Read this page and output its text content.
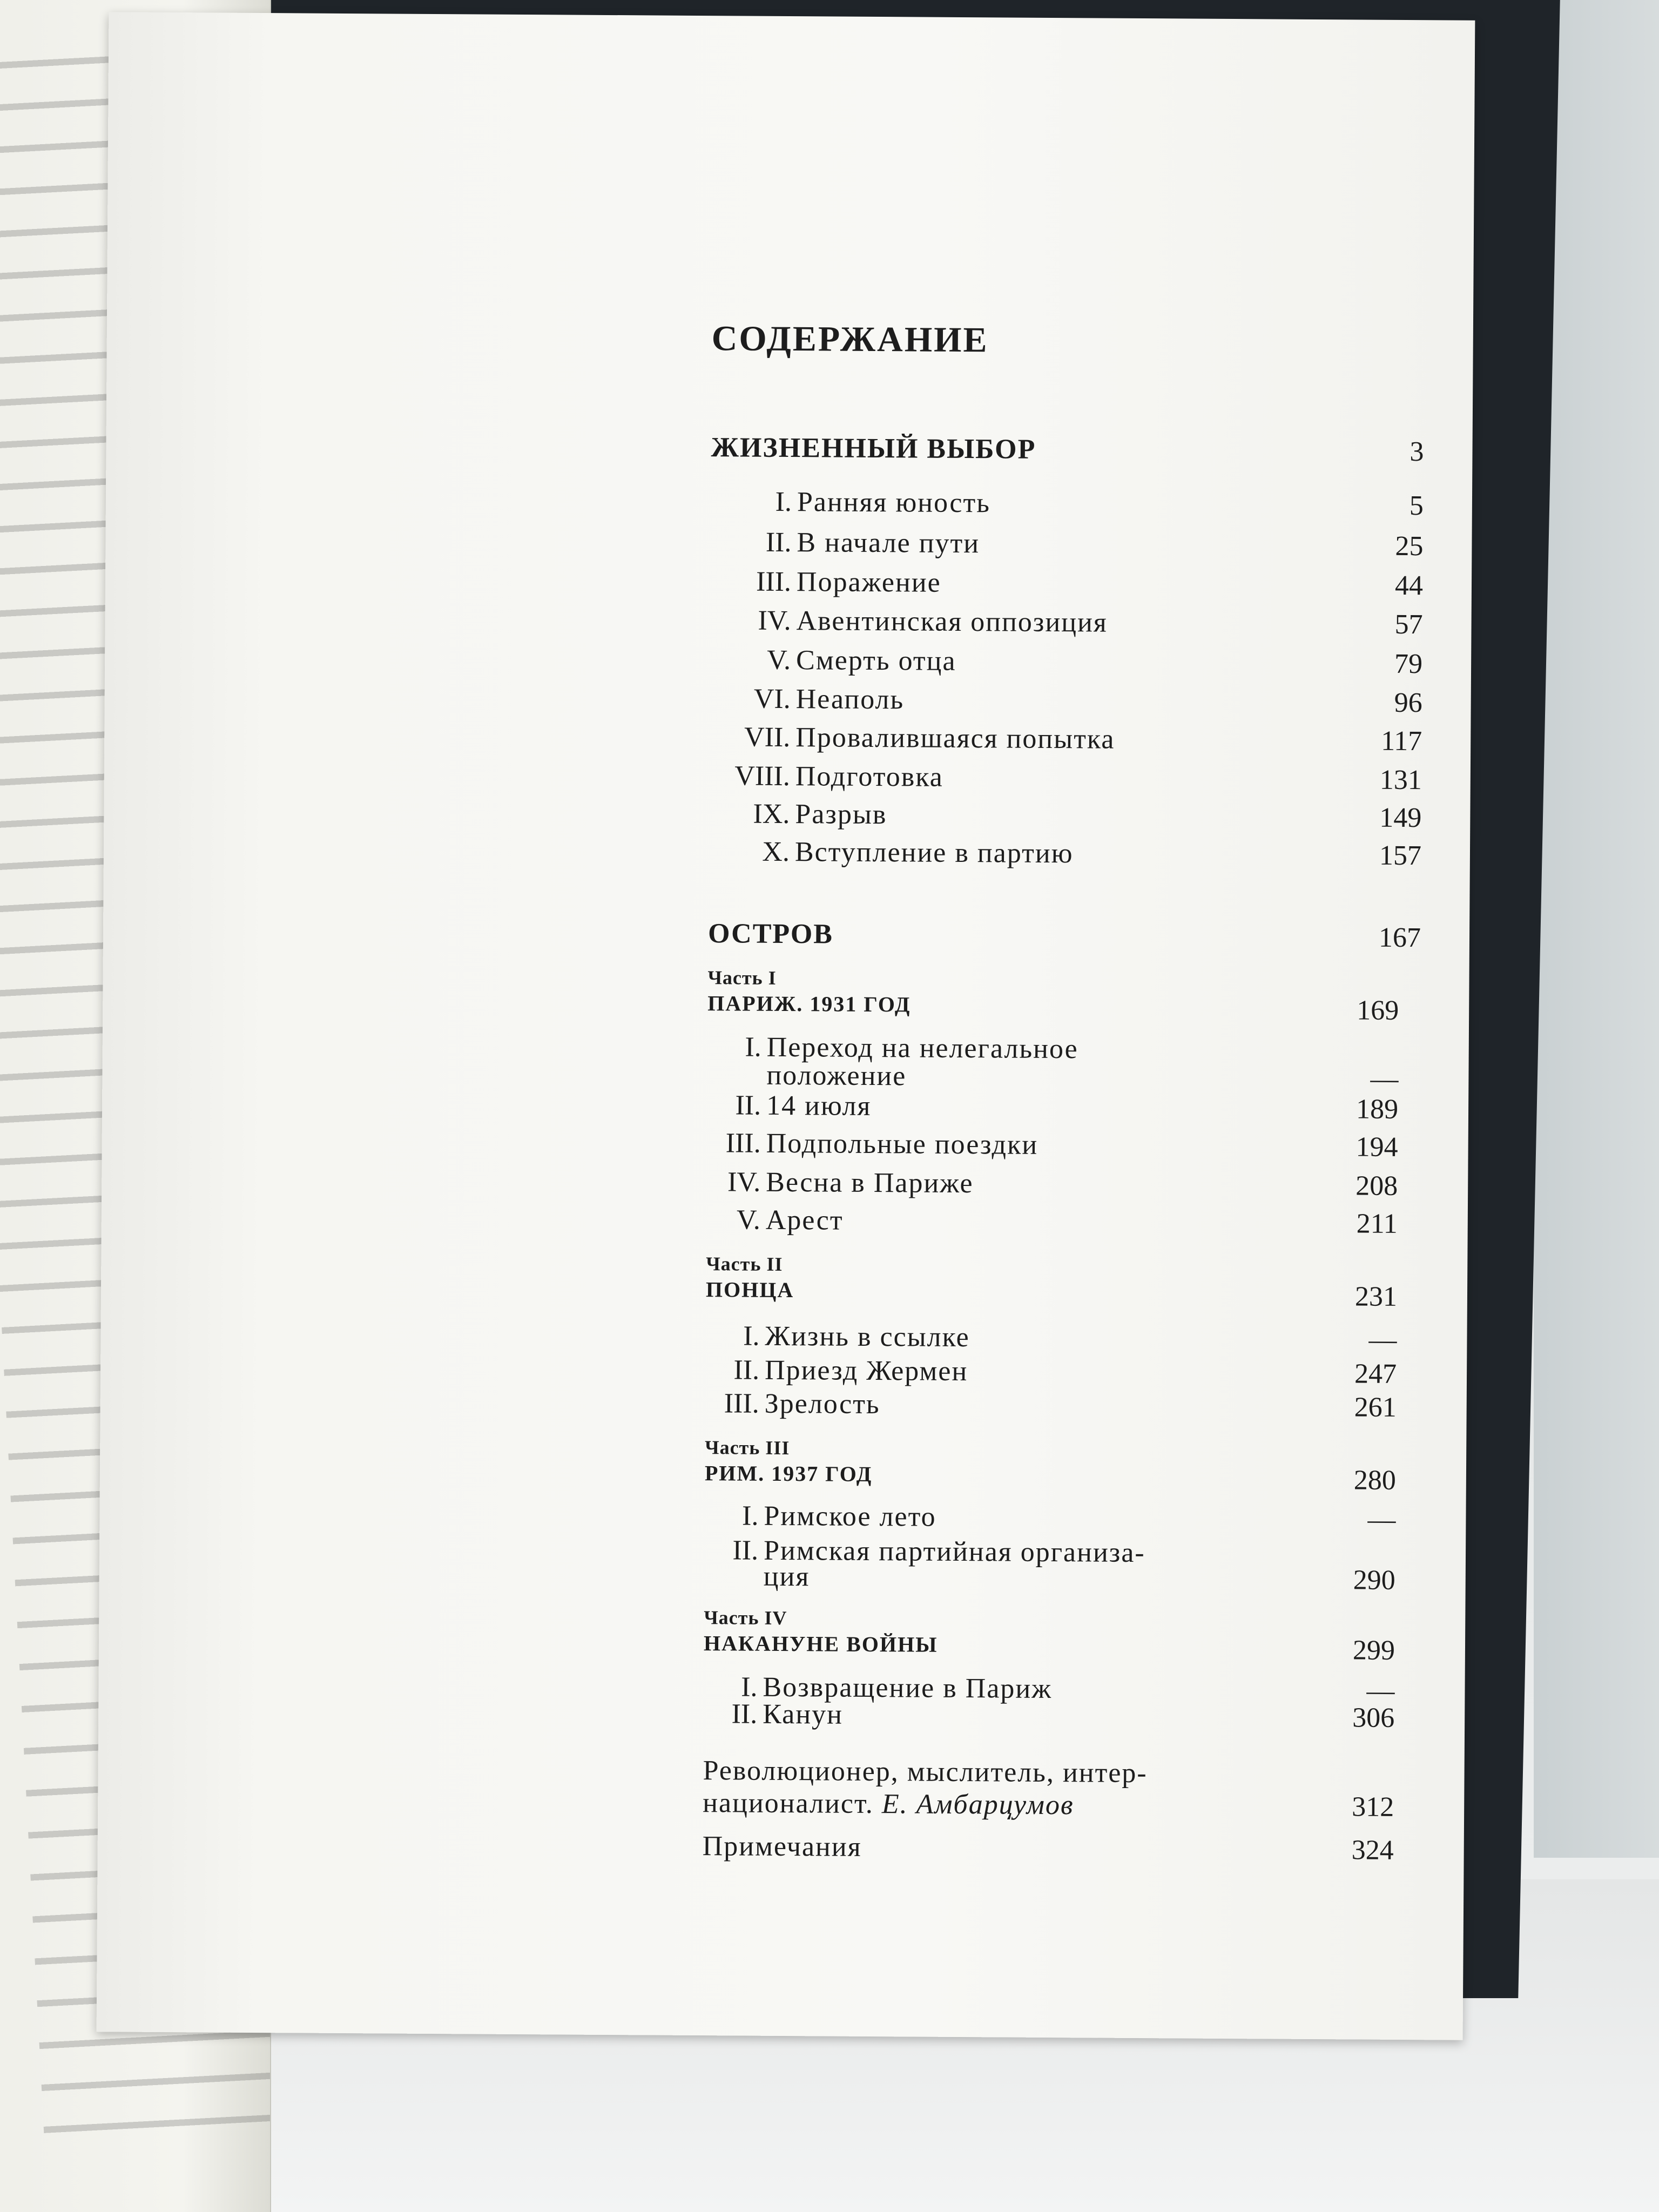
СОДЕРЖАНИЕ
ЖИЗНЕННЫЙ ВЫБОР	3
I. Ранняя юность	5
II. В начале пути	25
III. Поражение	44
IV. Авентинская оппозиция	57
V. Смерть отца	79
VI. Неаполь	96
VII. Провалившаяся попытка	117
VIII. Подготовка	131
IX. Разрыв	149
X. Вступление в партию	157
ОСТРОВ	167
Часть I
ПАРИЖ. 1931 ГОД	169
I. Переход на нелегальное
положение	—
II. 14 июля	189
III. Подпольные поездки	194
IV. Весна в Париже	208
V. Арест	211
Часть II
ПОНЦА	231
I. Жизнь в ссылке	—
II. Приезд Жермен	247
III. Зрелость	261
Часть III
РИМ. 1937 ГОД	280
I. Римское лето	—
II. Римская партийная организа-
ция	290
Часть IV
НАКАНУНЕ ВОЙНЫ	299
I. Возвращение в Париж	—
II. Канун	306
Революционер, мыслитель, интер-
националист. Е. Амбарцумов	312
Примечания	324
